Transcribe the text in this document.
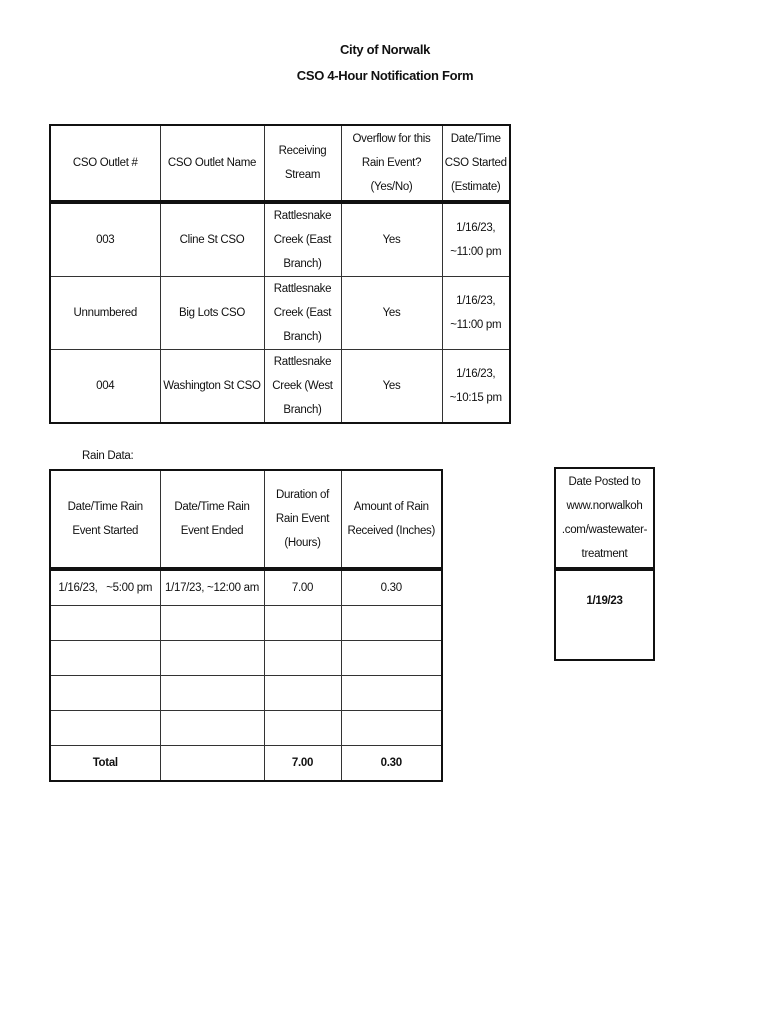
City of Norwalk
CSO 4-Hour Notification Form
CSO Outlet #	CSO Outlet Name	Receiving Stream	Overflow for this Rain Event? (Yes/No)	Date/Time CSO Started (Estimate)
003	Cline St CSO	Rattlesnake Creek (East Branch)	Yes	1/16/23, ~11:00 pm
Unnumbered	Big Lots CSO	Rattlesnake Creek (East Branch)	Yes	1/16/23, ~11:00 pm
004	Washington St CSO	Rattlesnake Creek (West Branch)	Yes	1/16/23, ~10:15 pm
Rain Data:
Date/Time Rain Event Started	Date/Time Rain Event Ended	Duration of Rain Event (Hours)	Amount of Rain Received (Inches)
1/16/23,   ~5:00 pm	1/17/23, ~12:00 am	7.00	0.30

Total		7.00	0.30
Date Posted to www.norwalkoh .com/wastewater-treatment
1/19/23
